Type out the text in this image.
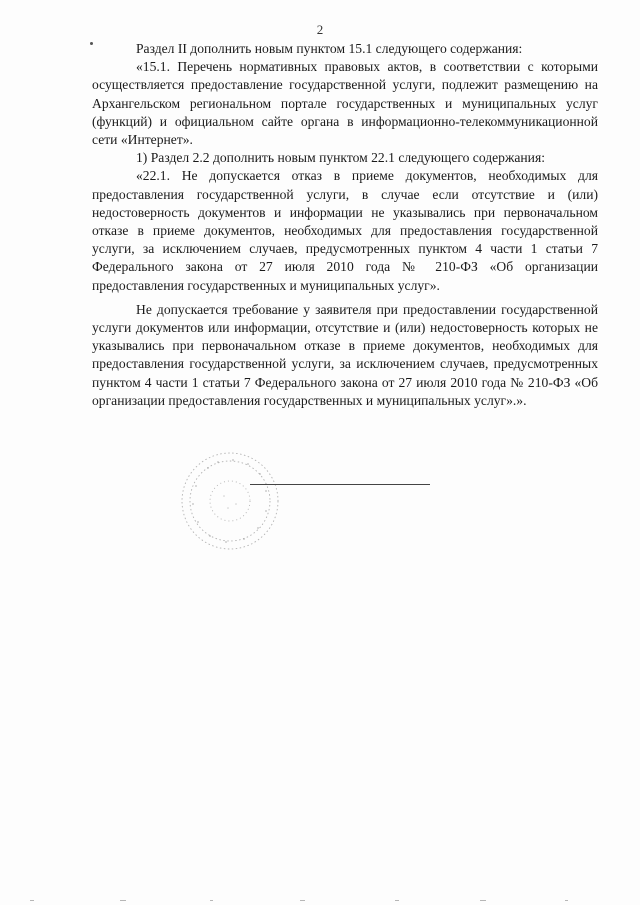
2

Раздел II дополнить новым пунктом 15.1 следующего содержания:

«15.1. Перечень нормативных правовых актов, в соответствии с которыми осуществляется предоставление государственной услуги, подлежит размещению на Архангельском региональном портале государственных и муниципальных услуг (функций) и официальном сайте органа в информационно-телекоммуникационной сети «Интернет».

1) Раздел 2.2 дополнить новым пунктом 22.1 следующего содержания:

«22.1. Не допускается отказ в приеме документов, необходимых для предоставления государственной услуги, в случае если отсутствие и (или) недостоверность документов и информации не указывались при первоначальном отказе в приеме документов, необходимых для предоставления государственной услуги, за исключением случаев, предусмотренных пунктом 4 части 1 статьи 7 Федерального закона от 27 июля 2010 года № 210-ФЗ «Об организации предоставления государственных и муниципальных услуг».

Не допускается требование у заявителя при предоставлении государственной услуги документов или информации, отсутствие и (или) недостоверность которых не указывались при первоначальном отказе в приеме документов, необходимых для предоставления государственной услуги, за исключением случаев, предусмотренных пунктом 4 части 1 статьи 7 Федерального закона от 27 июля 2010 года № 210-ФЗ «Об организации предоставления государственных и муниципальных услуг».».
